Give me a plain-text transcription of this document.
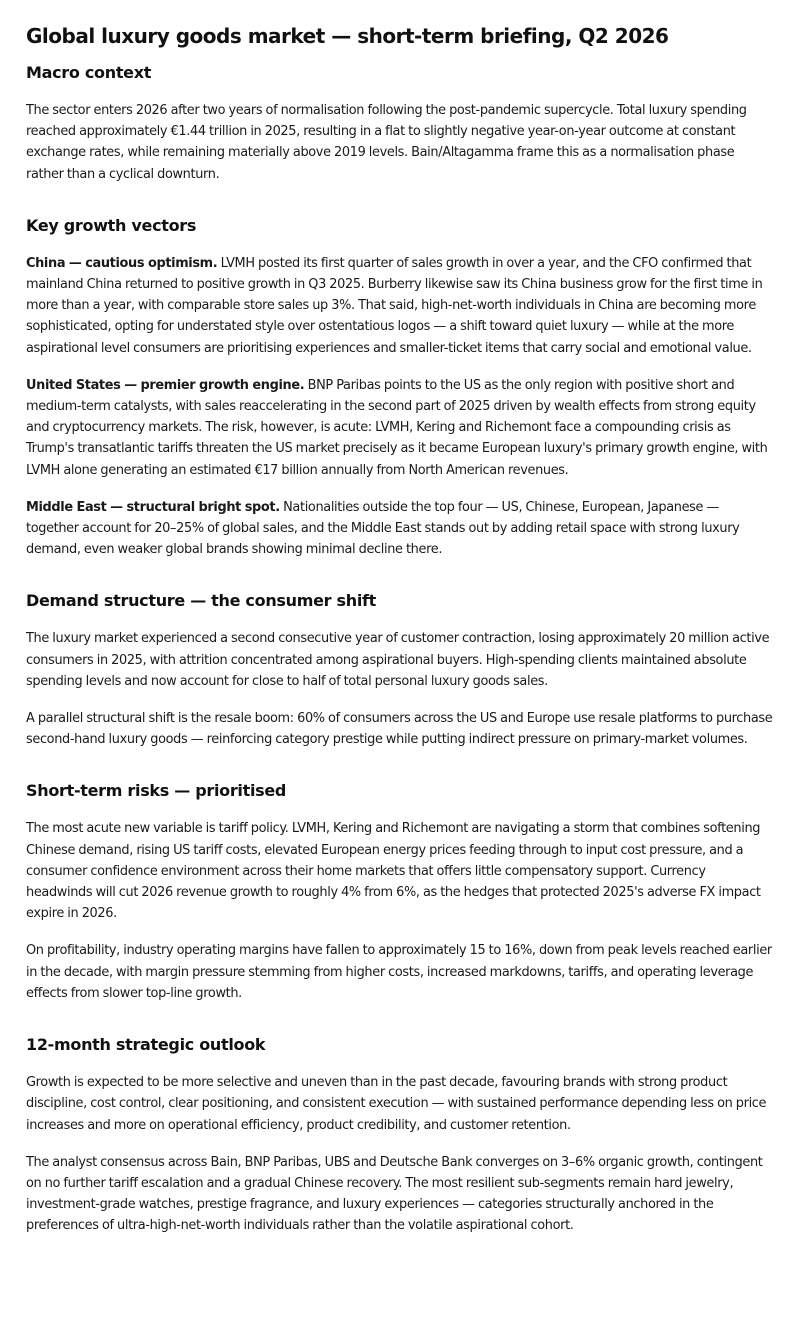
Global luxury goods market — short-term briefing, Q2 2026
Macro context

The sector enters 2026 after two years of normalisation following the post-pandemic supercycle. Total luxury spending reached approximately €1.44 trillion in 2025, resulting in a flat to slightly negative year-on-year outcome at constant exchange rates, while remaining materially above 2019 levels. Bain/Altagamma frame this as a normalisation phase rather than a cyclical downturn.

Key growth vectors

China — cautious optimism. LVMH posted its first quarter of sales growth in over a year, and the CFO confirmed that mainland China returned to positive growth in Q3 2025. Burberry likewise saw its China business grow for the first time in more than a year, with comparable store sales up 3%. That said, high-net-worth individuals in China are becoming more sophisticated, opting for understated style over ostentatious logos — a shift toward quiet luxury — while at the more aspirational level consumers are prioritising experiences and smaller-ticket items that carry social and emotional value.

United States — premier growth engine. BNP Paribas points to the US as the only region with positive short and medium-term catalysts, with sales reaccelerating in the second part of 2025 driven by wealth effects from strong equity and cryptocurrency markets. The risk, however, is acute: LVMH, Kering and Richemont face a compounding crisis as Trump's transatlantic tariffs threaten the US market precisely as it became European luxury's primary growth engine, with LVMH alone generating an estimated €17 billion annually from North American revenues.

Middle East — structural bright spot. Nationalities outside the top four — US, Chinese, European, Japanese — together account for 20–25% of global sales, and the Middle East stands out by adding retail space with strong luxury demand, even weaker global brands showing minimal decline there.

Demand structure — the consumer shift

The luxury market experienced a second consecutive year of customer contraction, losing approximately 20 million active consumers in 2025, with attrition concentrated among aspirational buyers. High-spending clients maintained absolute spending levels and now account for close to half of total personal luxury goods sales.

A parallel structural shift is the resale boom: 60% of consumers across the US and Europe use resale platforms to purchase second-hand luxury goods — reinforcing category prestige while putting indirect pressure on primary-market volumes.

Short-term risks — prioritised

The most acute new variable is tariff policy. LVMH, Kering and Richemont are navigating a storm that combines softening Chinese demand, rising US tariff costs, elevated European energy prices feeding through to input cost pressure, and a consumer confidence environment across their home markets that offers little compensatory support. Currency headwinds will cut 2026 revenue growth to roughly 4% from 6%, as the hedges that protected 2025's adverse FX impact expire in 2026.

On profitability, industry operating margins have fallen to approximately 15 to 16%, down from peak levels reached earlier in the decade, with margin pressure stemming from higher costs, increased markdowns, tariffs, and operating leverage effects from slower top-line growth.

12-month strategic outlook

Growth is expected to be more selective and uneven than in the past decade, favouring brands with strong product discipline, cost control, clear positioning, and consistent execution — with sustained performance depending less on price increases and more on operational efficiency, product credibility, and customer retention.

The analyst consensus across Bain, BNP Paribas, UBS and Deutsche Bank converges on 3–6% organic growth, contingent on no further tariff escalation and a gradual Chinese recovery. The most resilient sub-segments remain hard jewelry, investment-grade watches, prestige fragrance, and luxury experiences — categories structurally anchored in the preferences of ultra-high-net-worth individuals rather than the volatile aspirational cohort.
